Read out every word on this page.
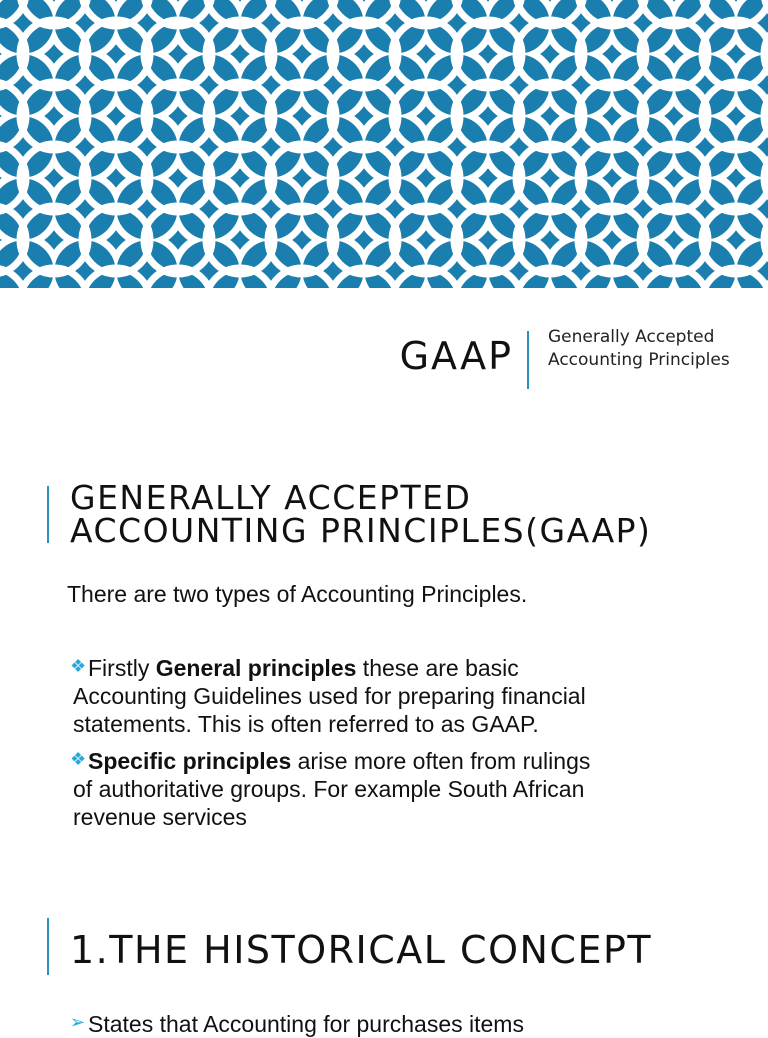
GAAP Generally Accepted Accounting Principles
GENERALLY ACCEPTED
ACCOUNTING PRINCIPLES(GAAP)
There are two types of Accounting Principles.
❖ Firstly General principles these are basic
Accounting Guidelines used for preparing financial
statements. This is often referred to as GAAP.
❖ Specific principles arise more often from rulings
of authoritative groups. For example South African
revenue services
1.THE HISTORICAL CONCEPT
➢ States that Accounting for purchases items
